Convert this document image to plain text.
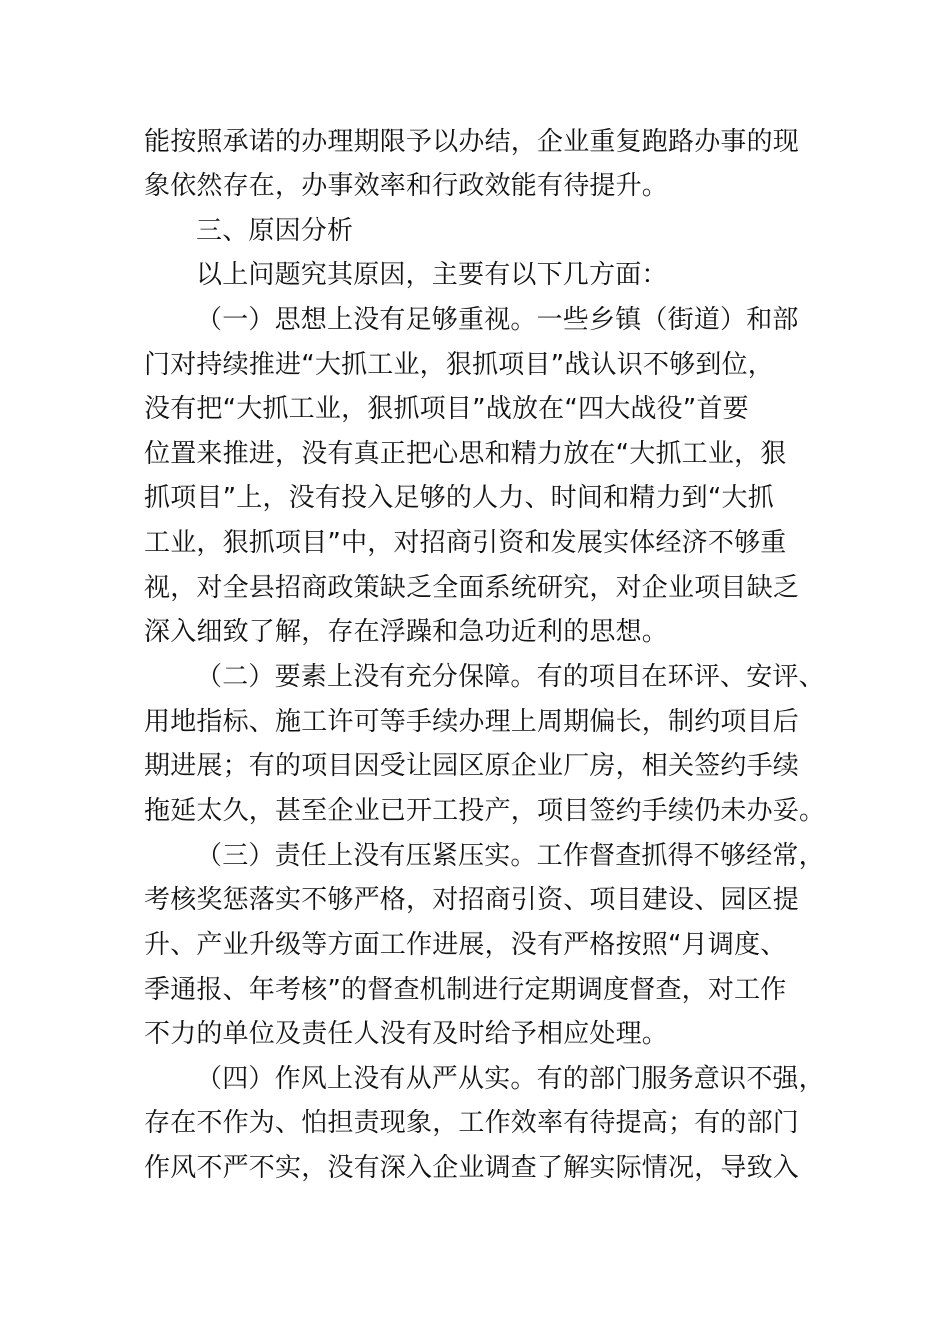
能按照承诺的办理期限予以办结，企业重复跑路办事的现
象依然存在，办事效率和行政效能有待提升。
三、原因分析
以上问题究其原因，主要有以下几方面：
（一）思想上没有足够重视。一些乡镇（街道）和部
门对持续推进“大抓工业，狠抓项目”战认识不够到位，
没有把“大抓工业，狠抓项目”战放在“四大战役”首要
位置来推进，没有真正把心思和精力放在“大抓工业，狠
抓项目”上，没有投入足够的人力、时间和精力到“大抓
工业，狠抓项目”中，对招商引资和发展实体经济不够重
视，对全县招商政策缺乏全面系统研究，对企业项目缺乏
深入细致了解，存在浮躁和急功近利的思想。
（二）要素上没有充分保障。有的项目在环评、安评、
用地指标、施工许可等手续办理上周期偏长，制约项目后
期进展；有的项目因受让园区原企业厂房，相关签约手续
拖延太久，甚至企业已开工投产，项目签约手续仍未办妥。
（三）责任上没有压紧压实。工作督查抓得不够经常，
考核奖惩落实不够严格，对招商引资、项目建设、园区提
升、产业升级等方面工作进展，没有严格按照“月调度、
季通报、年考核”的督查机制进行定期调度督查，对工作
不力的单位及责任人没有及时给予相应处理。
（四）作风上没有从严从实。有的部门服务意识不强，
存在不作为、怕担责现象，工作效率有待提高；有的部门
作风不严不实，没有深入企业调查了解实际情况，导致入
